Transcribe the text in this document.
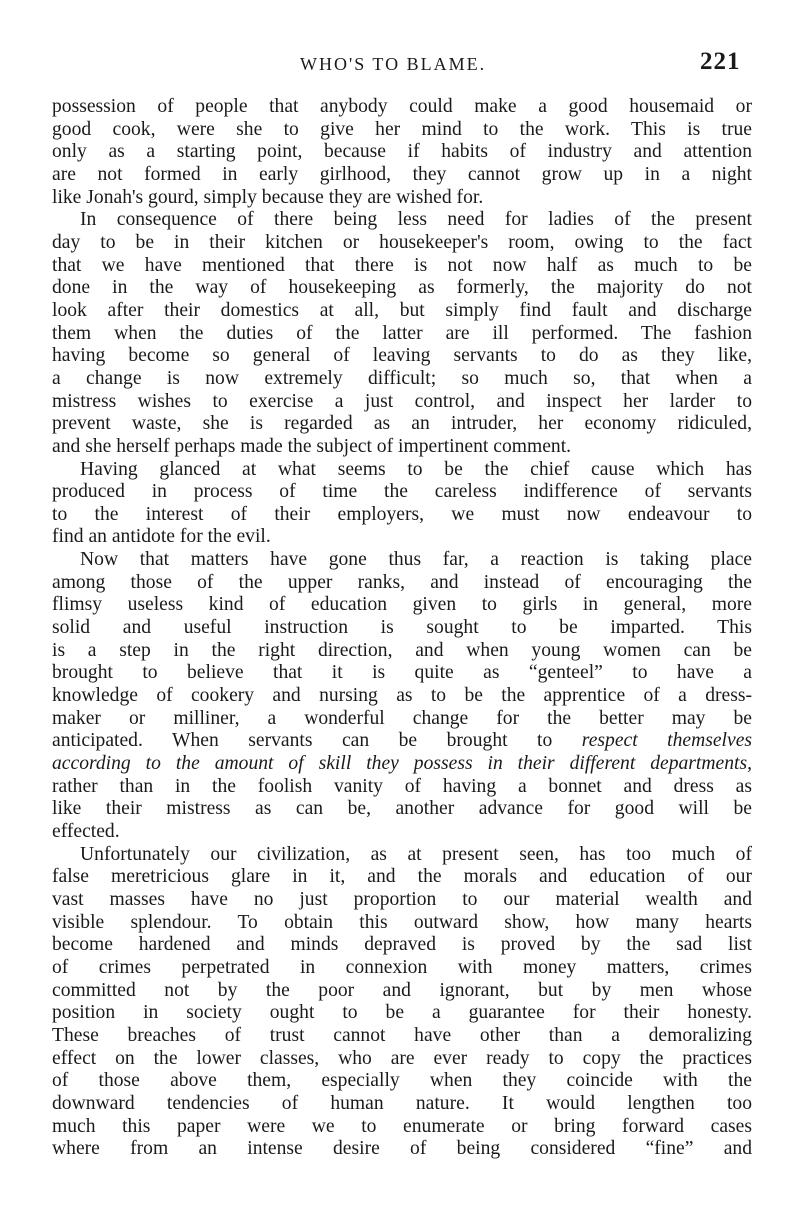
WHO'S TO BLAME.	221
possession of people that anybody could make a good housemaid or
good cook, were she to give her mind to the work. This is true
only as a starting point, because if habits of industry and attention
are not formed in early girlhood, they cannot grow up in a night
like Jonah's gourd, simply because they are wished for.
In consequence of there being less need for ladies of the present
day to be in their kitchen or housekeeper's room, owing to the fact
that we have mentioned that there is not now half as much to be
done in the way of housekeeping as formerly, the majority do not
look after their domestics at all, but simply find fault and discharge
them when the duties of the latter are ill performed. The fashion
having become so general of leaving servants to do as they like,
a change is now extremely difficult; so much so, that when a
mistress wishes to exercise a just control, and inspect her larder to
prevent waste, she is regarded as an intruder, her economy ridiculed,
and she herself perhaps made the subject of impertinent comment.
Having glanced at what seems to be the chief cause which has
produced in process of time the careless indifference of servants
to the interest of their employers, we must now endeavour to
find an antidote for the evil.
Now that matters have gone thus far, a reaction is taking place
among those of the upper ranks, and instead of encouraging the
flimsy useless kind of education given to girls in general, more
solid and useful instruction is sought to be imparted. This
is a step in the right direction, and when young women can be
brought to believe that it is quite as “genteel” to have a
knowledge of cookery and nursing as to be the apprentice of a dress-
maker or milliner, a wonderful change for the better may be
anticipated. When servants can be brought to respect themselves
according to the amount of skill they possess in their different departments,
rather than in the foolish vanity of having a bonnet and dress as
like their mistress as can be, another advance for good will be
effected.
Unfortunately our civilization, as at present seen, has too much of
false meretricious glare in it, and the morals and education of our
vast masses have no just proportion to our material wealth and
visible splendour. To obtain this outward show, how many hearts
become hardened and minds depraved is proved by the sad list
of crimes perpetrated in connexion with money matters, crimes
committed not by the poor and ignorant, but by men whose
position in society ought to be a guarantee for their honesty.
These breaches of trust cannot have other than a demoralizing
effect on the lower classes, who are ever ready to copy the practices
of those above them, especially when they coincide with the
downward tendencies of human nature. It would lengthen too
much this paper were we to enumerate or bring forward cases
where from an intense desire of being considered “fine” and
